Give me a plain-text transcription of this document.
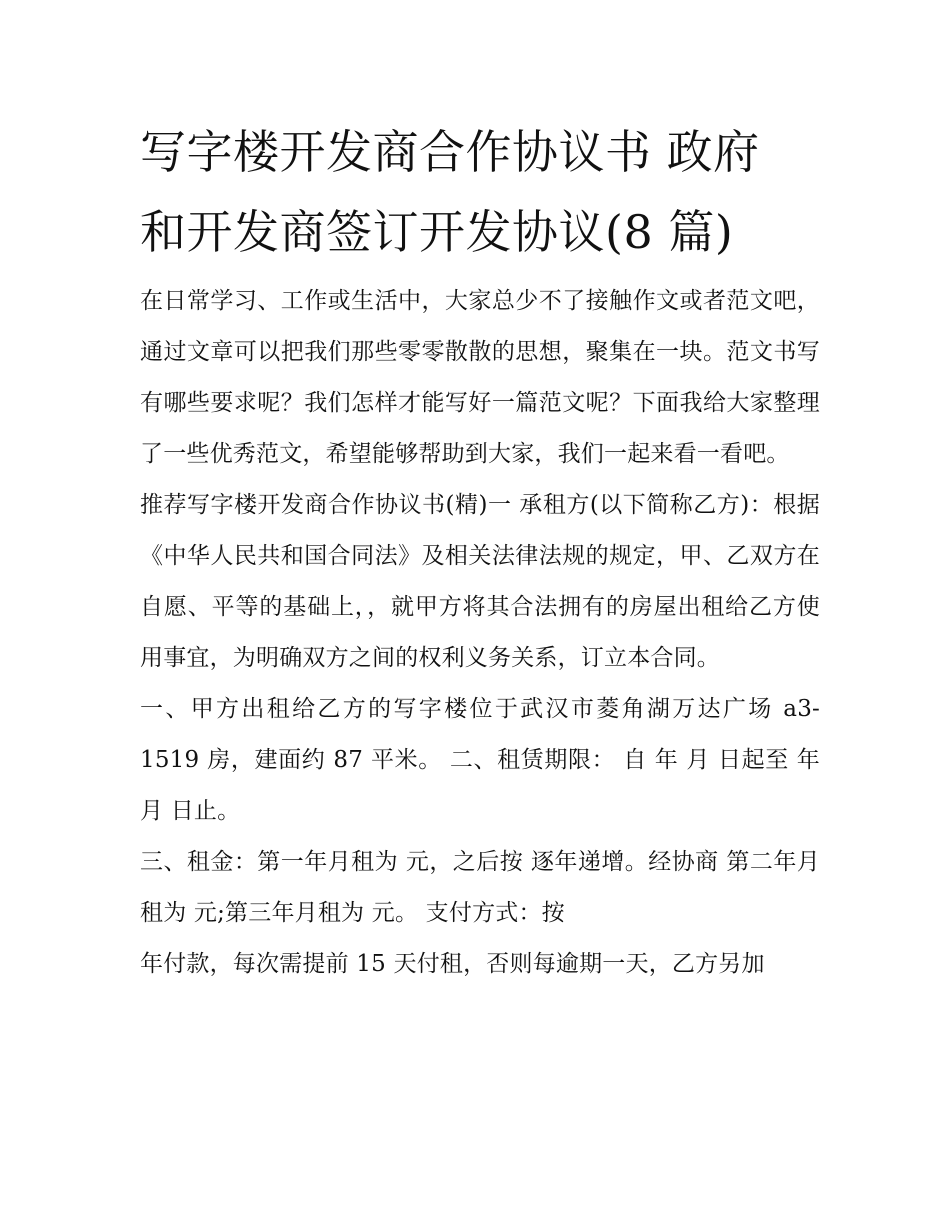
写字楼开发商合作协议书 政府
和开发商签订开发协议(8 篇)

在日常学习、工作或生活中，大家总少不了接触作文或者范文吧，通过文章可以把我们那些零零散散的思想，聚集在一块。范文书写有哪些要求呢？我们怎样才能写好一篇范文呢？下面我给大家整理了一些优秀范文，希望能够帮助到大家，我们一起来看一看吧。

推荐写字楼开发商合作协议书(精)一 承租方(以下简称乙方)：根据《中华人民共和国合同法》及相关法律法规的规定，甲、乙双方在自愿、平等的基础上，，就甲方将其合法拥有的房屋出租给乙方使用事宜，为明确双方之间的权利义务关系，订立本合同。

一、甲方出租给乙方的写字楼位于武汉市菱角湖万达广场 a3-1519 房，建面约 87 平米。 二、租赁期限： 自 年 月 日起至 年 月 日止。

三、租金：第一年月租为 元，之后按 逐年递增。经协商 第二年月租为 元;第三年月租为 元。 支付方式：按

年付款，每次需提前 15 天付租，否则每逾期一天，乙方另加
